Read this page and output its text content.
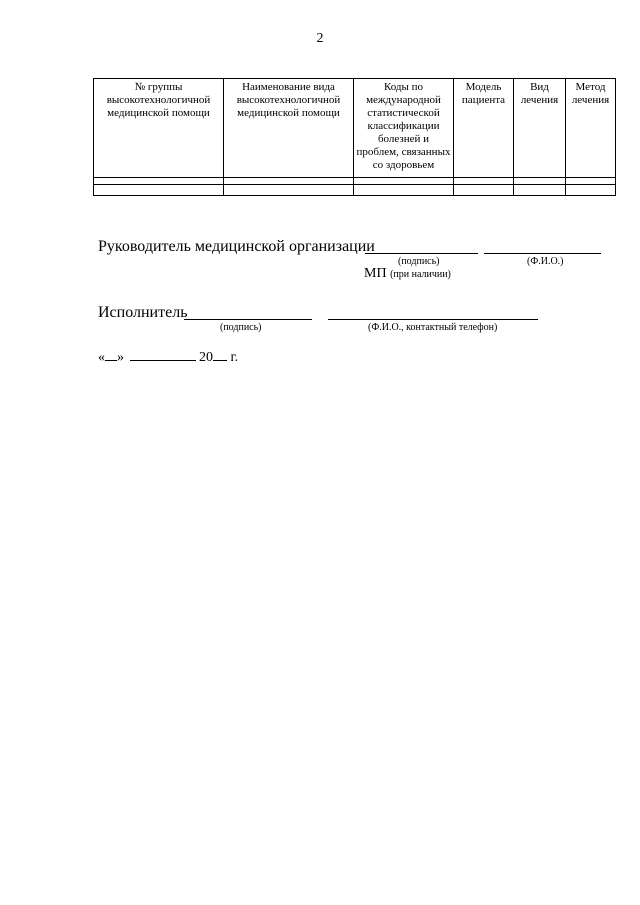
2
№ группы высокотехнологичной медицинской помощи	Наименование вида высокотехнологичной медицинской помощи	Коды по международной статистической классификации болезней и проблем, связанных со здоровьем	Модель пациента	Вид лечения	Метод лечения

Руководитель медицинской организации
(подпись)	(Ф.И.О.)
МП (при наличии)
Исполнитель
(подпись)	(Ф.И.О., контактный телефон)
« »	20 г.
